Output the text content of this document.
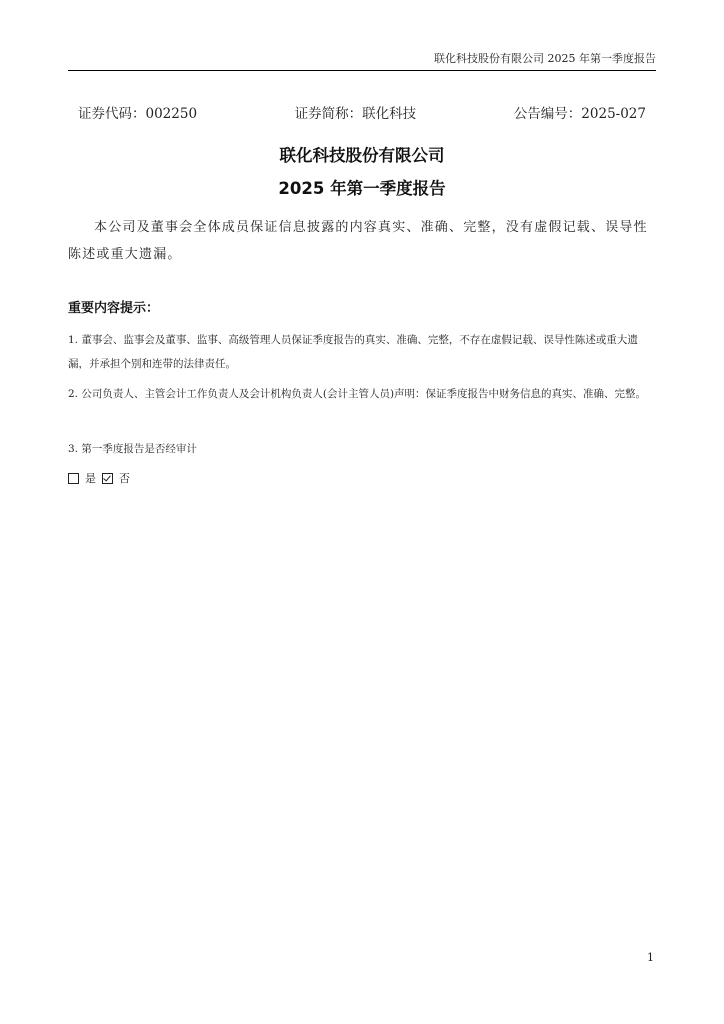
联化科技股份有限公司 2025 年第一季度报告
证券代码：002250	证券简称：联化科技	公告编号：2025-027
联化科技股份有限公司
2025 年第一季度报告
本公司及董事会全体成员保证信息披露的内容真实、准确、完整，没有虚假记载、误导性陈述或重大遗漏。
重要内容提示：
1. 董事会、监事会及董事、监事、高级管理人员保证季度报告的真实、准确、完整，不存在虚假记载、误导性陈述或重大遗漏，并承担个别和连带的法律责任。
2. 公司负责人、主管会计工作负责人及会计机构负责人(会计主管人员)声明：保证季度报告中财务信息的真实、准确、完整。
3. 第一季度报告是否经审计
是 否
1
